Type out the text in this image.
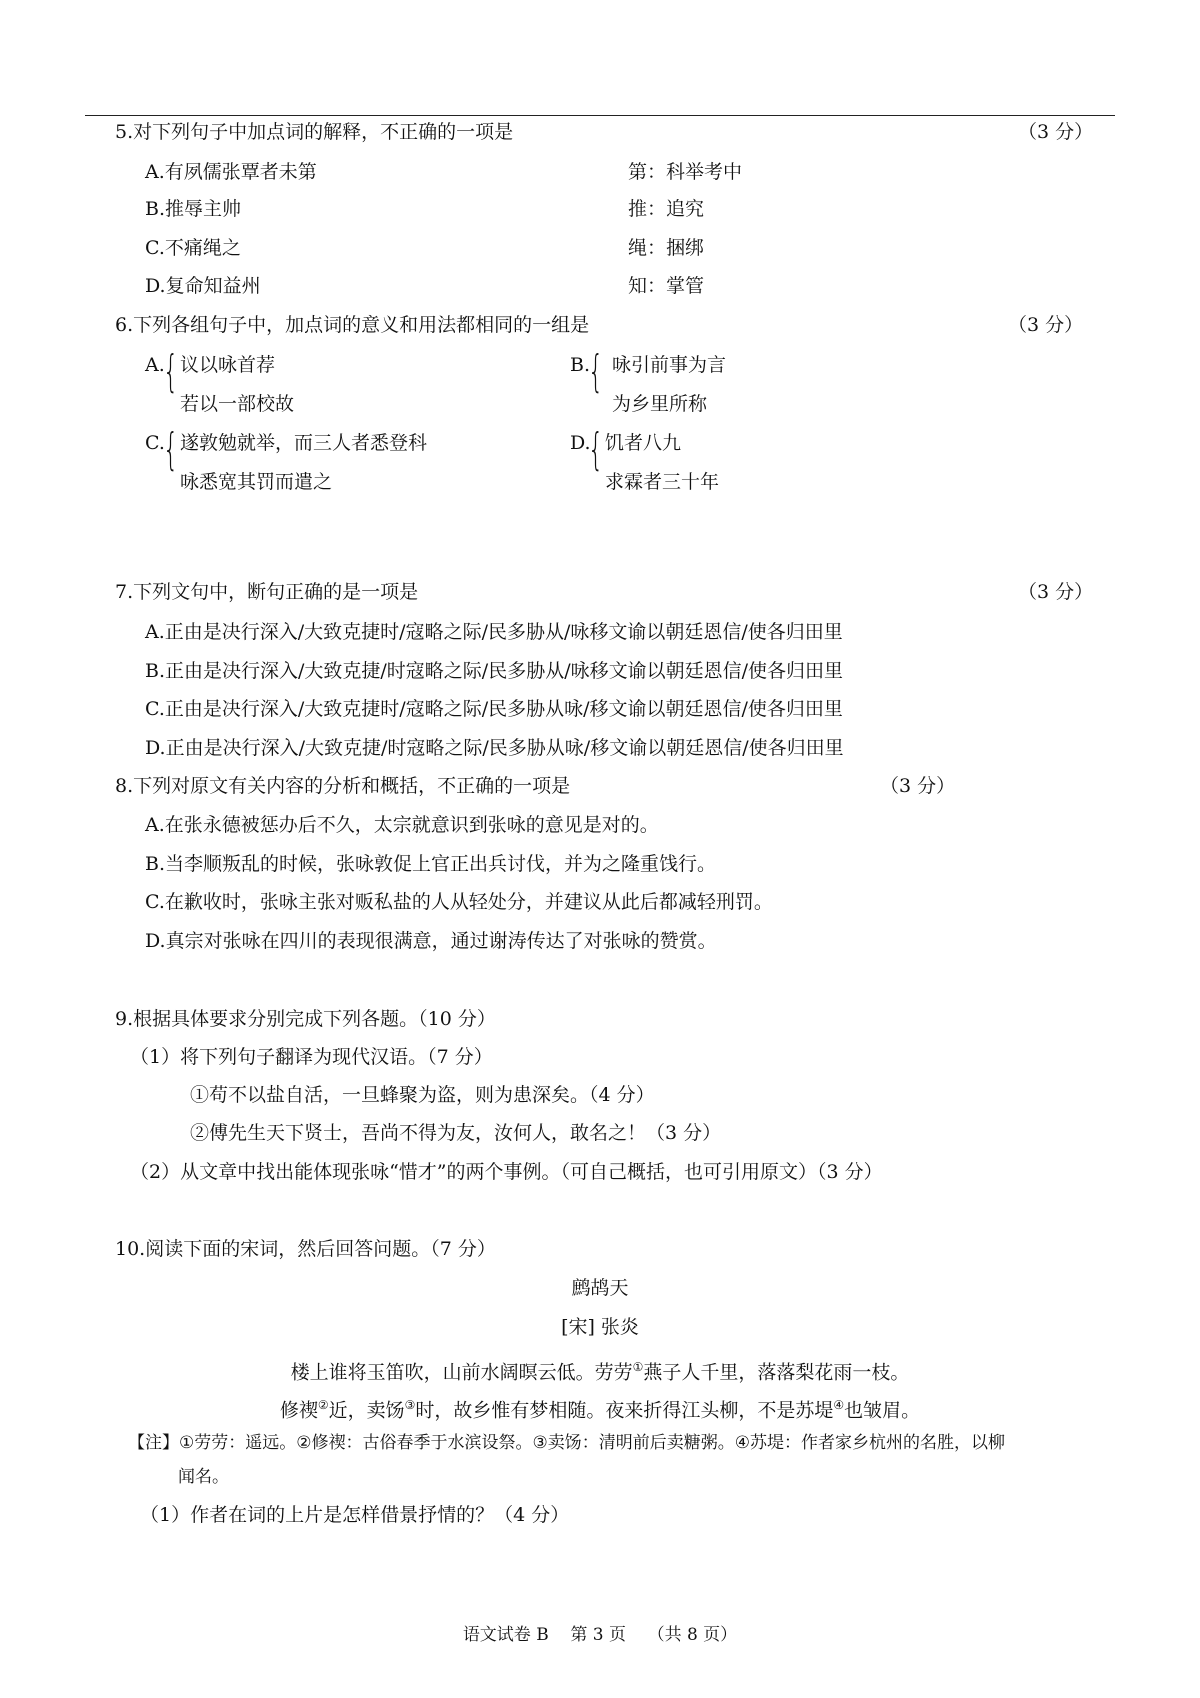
5.对下列句子中加点词的解释，不正确的一项是	（3 分）
A.有夙儒张覃者未第	第：科举考中
B.推辱主帅	推：追究
C.不痛绳之	绳：捆绑
D.复命知益州	知：掌管
6.下列各组句子中，加点词的意义和用法都相同的一组是	（3 分）
A.
{ 议以咏首荐
若以一部校故
B.
{ 咏引前事为言
为乡里所称
C.
{ 遂敦勉就举，而三人者悉登科
咏悉宽其罚而遣之
D.
{ 饥者八九
求霖者三十年
7.下列文句中，断句正确的是一项是	（3 分）
A.正由是决行深入/大致克捷时/寇略之际/民多胁从/咏移文谕以朝廷恩信/使各归田里
B.正由是决行深入/大致克捷/时寇略之际/民多胁从/咏移文谕以朝廷恩信/使各归田里
C.正由是决行深入/大致克捷时/寇略之际/民多胁从咏/移文谕以朝廷恩信/使各归田里
D.正由是决行深入/大致克捷/时寇略之际/民多胁从咏/移文谕以朝廷恩信/使各归田里
8.下列对原文有关内容的分析和概括，不正确的一项是	（3 分）
A.在张永德被惩办后不久，太宗就意识到张咏的意见是对的。
B.当李顺叛乱的时候，张咏敦促上官正出兵讨伐，并为之隆重饯行。
C.在歉收时，张咏主张对贩私盐的人从轻处分，并建议从此后都减轻刑罚。
D.真宗对张咏在四川的表现很满意，通过谢涛传达了对张咏的赞赏。
9.根据具体要求分别完成下列各题。（10 分）
（1）将下列句子翻译为现代汉语。（7 分）
①苟不以盐自活，一旦蜂聚为盗，则为患深矣。（4 分）
②傅先生天下贤士，吾尚不得为友，汝何人，敢名之！（3 分）
（2）从文章中找出能体现张咏“惜才”的两个事例。（可自己概括，也可引用原文）（3 分）
10.阅读下面的宋词，然后回答问题。（7 分）
鹧鸪天
[宋] 张炎
楼上谁将玉笛吹，山前水阔暝云低。劳劳①燕子人千里，落落梨花雨一枝。
修禊②近，卖饧③时，故乡惟有梦相随。夜来折得江头柳，不是苏堤④也皱眉。
【注】①劳劳：遥远。②修禊：古俗春季于水滨设祭。③卖饧：清明前后卖糖粥。④苏堤：作者家乡杭州的名胜，以柳
闻名。
（1）作者在词的上片是怎样借景抒情的？（4 分）
语文试卷 B    第 3 页    （共 8 页）
